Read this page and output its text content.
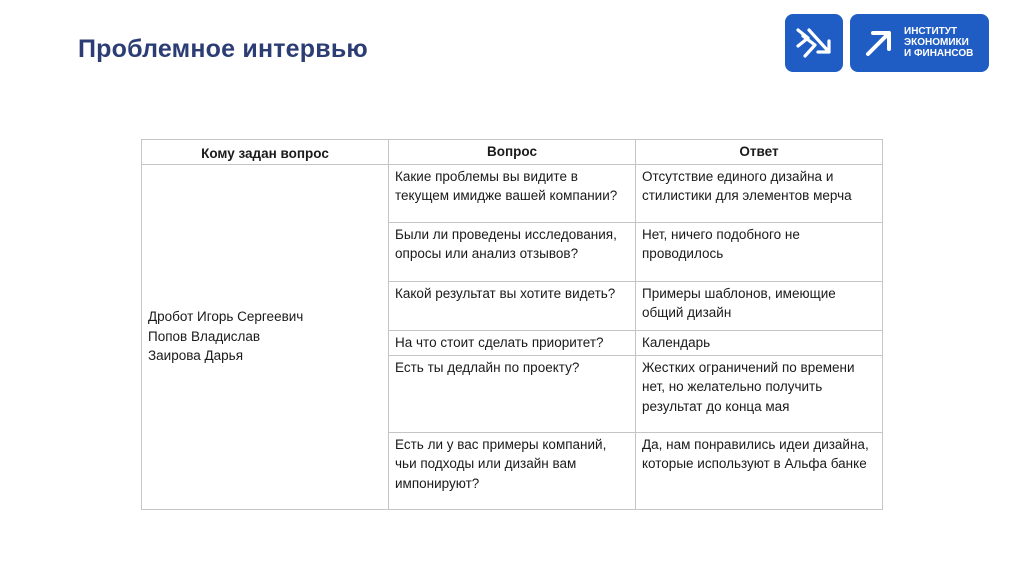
Проблемное интервью
ИНСТИТУТ
ЭКОНОМИКИ
И ФИНАНСОВ
Кому задан вопрос	Вопрос	Ответ

Дробот Игорь Сергеевич
Попов Владислав
Заирова Дарья	Какие проблемы вы видите в текущем имидже вашей компании?	Отсутствие единого дизайна и стилистики для элементов мерча
	Были ли проведены исследования, опросы или анализ отзывов?	Нет, ничего подобного не проводилось
	Какой результат вы хотите видеть?	Примеры шаблонов, имеющие общий дизайн
	На что стоит сделать приоритет?	Календарь
	Есть ты дедлайн по проекту?	Жестких ограничений по времени нет, но желательно получить результат до конца мая
	Есть ли у вас примеры компаний, чьи подходы или дизайн вам импонируют?	Да, нам понравились идеи дизайна, которые используют в Альфа банке
